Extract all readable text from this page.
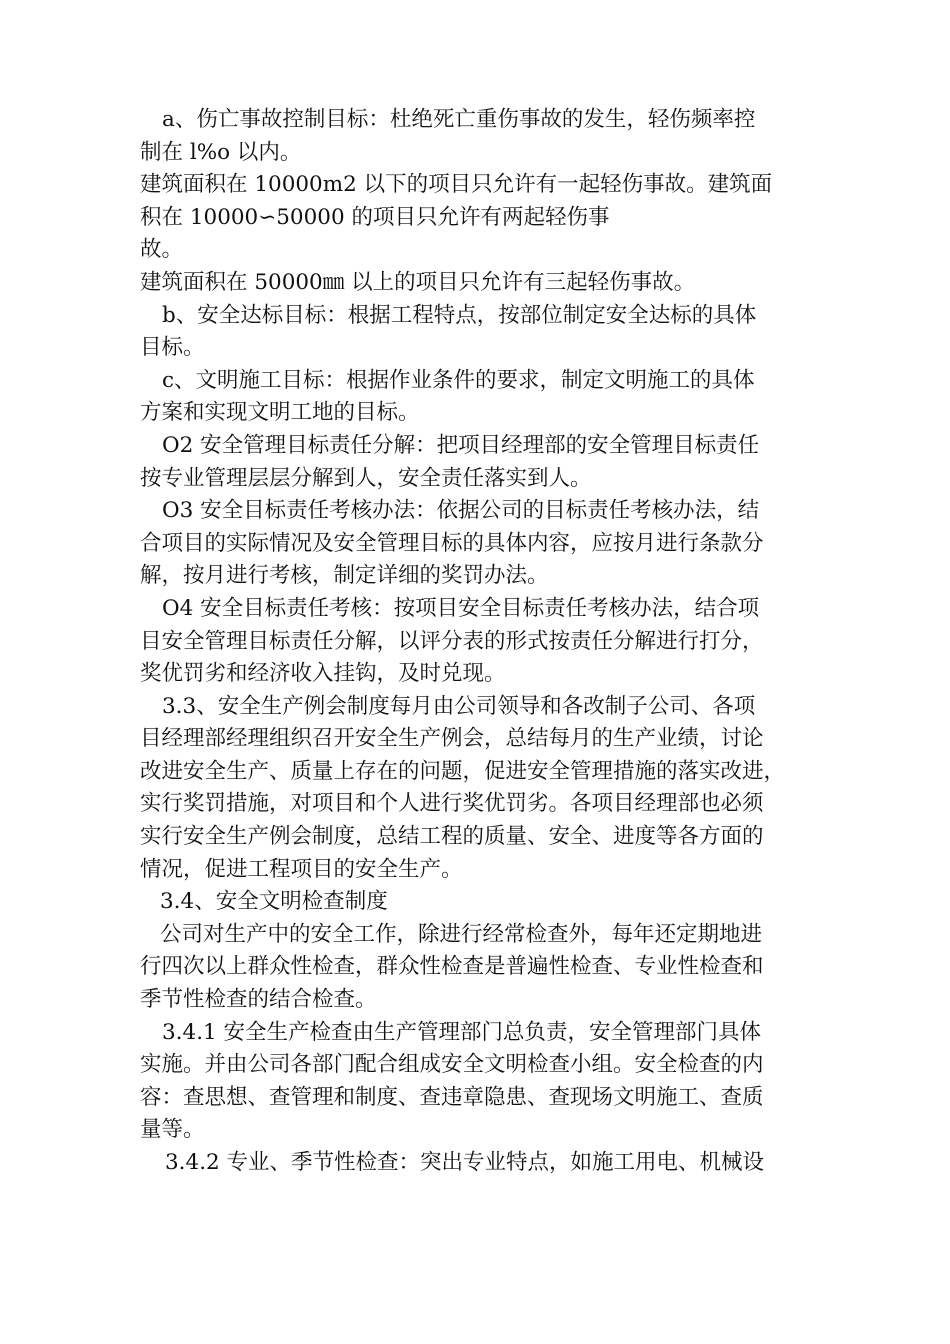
a、伤亡事故控制目标：杜绝死亡重伤事故的发生，轻伤频率控
制在 l%o 以内。
建筑面积在 10000m2 以下的项目只允许有一起轻伤事故。建筑面
积在 10000∽50000 的项目只允许有两起轻伤事
故。
建筑面积在 50000㎜ 以上的项目只允许有三起轻伤事故。
b、安全达标目标：根据工程特点，按部位制定安全达标的具体
目标。
c、文明施工目标：根据作业条件的要求，制定文明施工的具体
方案和实现文明工地的目标。
O2 安全管理目标责任分解：把项目经理部的安全管理目标责任
按专业管理层层分解到人，安全责任落实到人。
O3 安全目标责任考核办法：依据公司的目标责任考核办法，结
合项目的实际情况及安全管理目标的具体内容，应按月进行条款分
解，按月进行考核，制定详细的奖罚办法。
O4 安全目标责任考核：按项目安全目标责任考核办法，结合项
目安全管理目标责任分解，以评分表的形式按责任分解进行打分，
奖优罚劣和经济收入挂钩，及时兑现。
3.3、安全生产例会制度每月由公司领导和各改制子公司、各项
目经理部经理组织召开安全生产例会，总结每月的生产业绩，讨论
改进安全生产、质量上存在的问题，促进安全管理措施的落实改进，
实行奖罚措施，对项目和个人进行奖优罚劣。各项目经理部也必须
实行安全生产例会制度，总结工程的质量、安全、进度等各方面的
情况，促进工程项目的安全生产。
3.4、安全文明检查制度
公司对生产中的安全工作，除进行经常检查外，每年还定期地进
行四次以上群众性检查，群众性检查是普遍性检查、专业性检查和
季节性检查的结合检查。
3.4.1 安全生产检查由生产管理部门总负责，安全管理部门具体
实施。并由公司各部门配合组成安全文明检查小组。安全检查的内
容：查思想、查管理和制度、查违章隐患、查现场文明施工、查质
量等。
3.4.2 专业、季节性检查：突出专业特点，如施工用电、机械设
